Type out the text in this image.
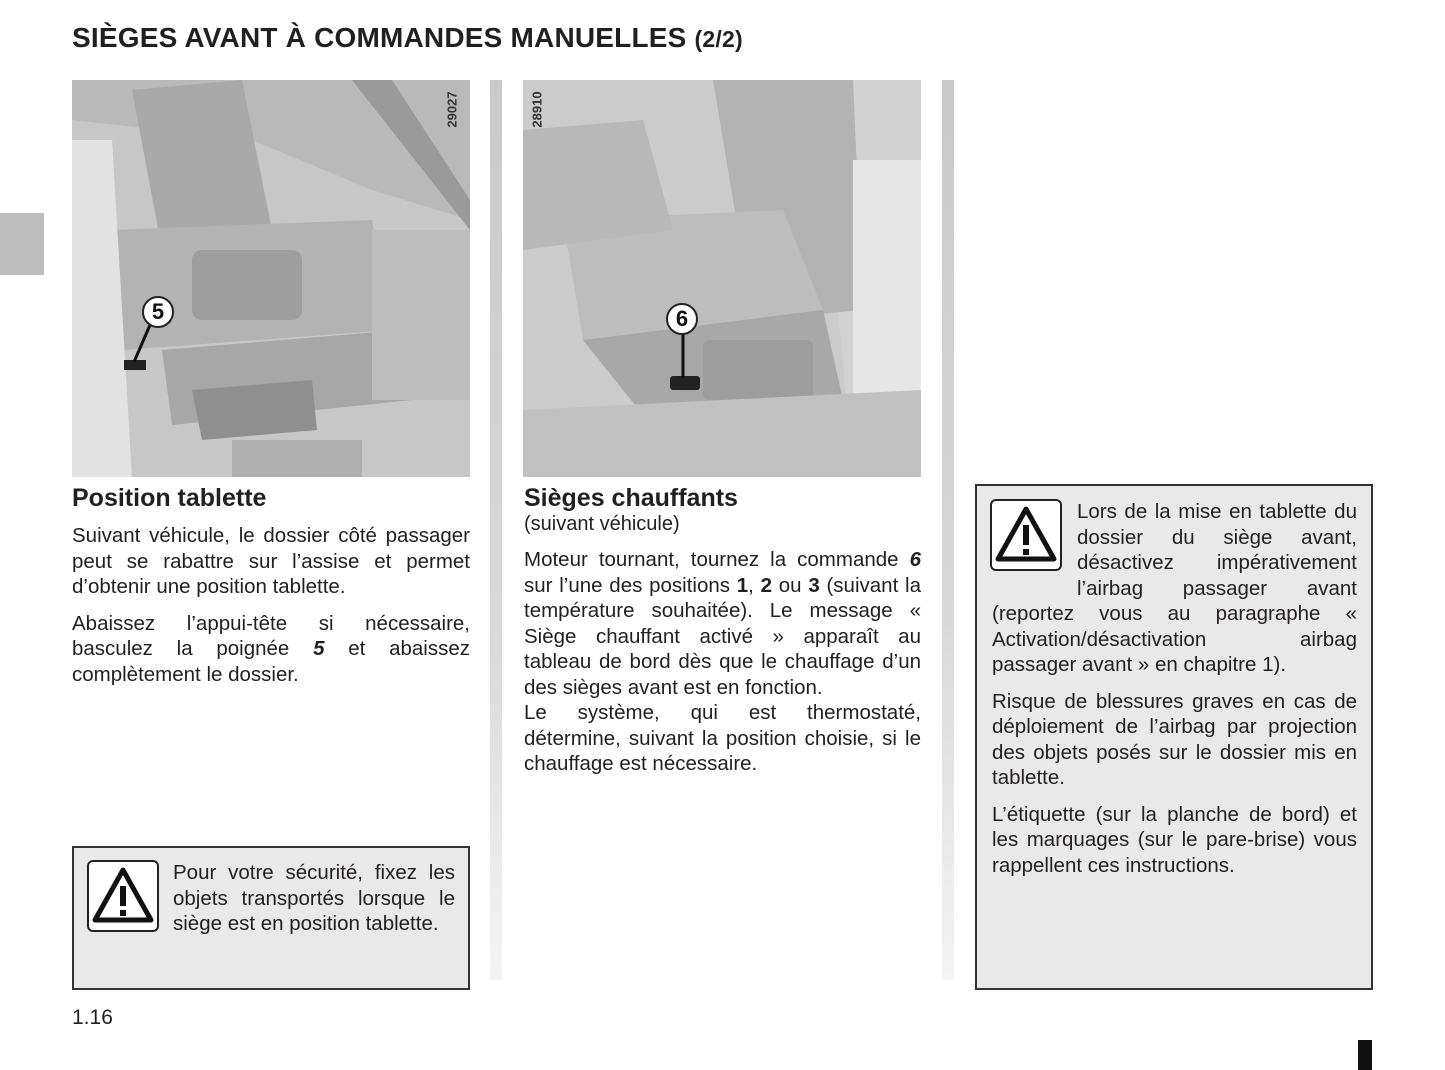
SIÈGES AVANT À COMMANDES MANUELLES (2/2)
29027
5
28910
6
Position tablette

Suivant véhicule, le dossier côté passager peut se rabattre sur l’assise et permet d’obtenir une position tablette.

Abaissez l’appui-tête si nécessaire, basculez la poignée 5 et abaissez complètement le dossier.

Pour votre sécurité, fixez les objets transportés lorsque le siège est en position tablette.
Sièges chauffants
(suivant véhicule)
Moteur tournant, tournez la commande 6 sur l’une des positions 1, 2 ou 3 (suivant la température souhaitée). Le message « Siège chauffant activé » apparaît au tableau de bord dès que le chauffage d’un des sièges avant est en fonction.
Le système, qui est thermostaté, détermine, suivant la position choisie, si le chauffage est nécessaire.

Lors de la mise en tablette du dossier du siège avant, désactivez impérativement l’airbag passager avant (reportez vous au paragraphe « Activation/désactivation airbag passager avant » en chapitre 1).

Risque de blessures graves en cas de déploiement de l’airbag par projection des objets posés sur le dossier mis en tablette.

L’étiquette (sur la planche de bord) et les marquages (sur le pare-brise) vous rappellent ces instructions.

1.16
